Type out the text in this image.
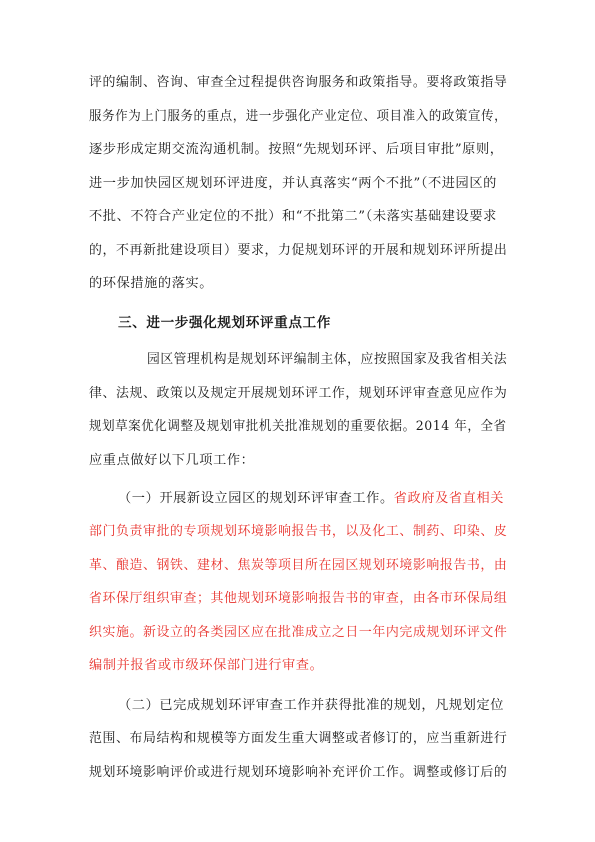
评的编制、咨询、审查全过程提供咨询服务和政策指导。要将政策指导
服务作为上门服务的重点，进一步强化产业定位、项目准入的政策宣传，
逐步形成定期交流沟通机制。按照“先规划环评、后项目审批”原则，
进一步加快园区规划环评进度，并认真落实“两个不批”（不进园区的
不批、不符合产业定位的不批）和“不批第二”（未落实基础建设要求
的，不再新批建设项目）要求，力促规划环评的开展和规划环评所提出
的环保措施的落实。
三、进一步强化规划环评重点工作
园区管理机构是规划环评编制主体，应按照国家及我省相关法
律、法规、政策以及规定开展规划环评工作，规划环评审查意见应作为
规划草案优化调整及规划审批机关批准规划的重要依据。2014 年，全省
应重点做好以下几项工作：
（一）开展新设立园区的规划环评审查工作。省政府及省直相关
部门负责审批的专项规划环境影响报告书，以及化工、制药、印染、皮
革、酿造、钢铁、建材、焦炭等项目所在园区规划环境影响报告书，由
省环保厅组织审查；其他规划环境影响报告书的审查，由各市环保局组
织实施。新设立的各类园区应在批准成立之日一年内完成规划环评文件
编制并报省或市级环保部门进行审查。
（二）已完成规划环评审查工作并获得批准的规划，凡规划定位
范围、布局结构和规模等方面发生重大调整或者修订的，应当重新进行
规划环境影响评价或进行规划环境影响补充评价工作。调整或修订后的
